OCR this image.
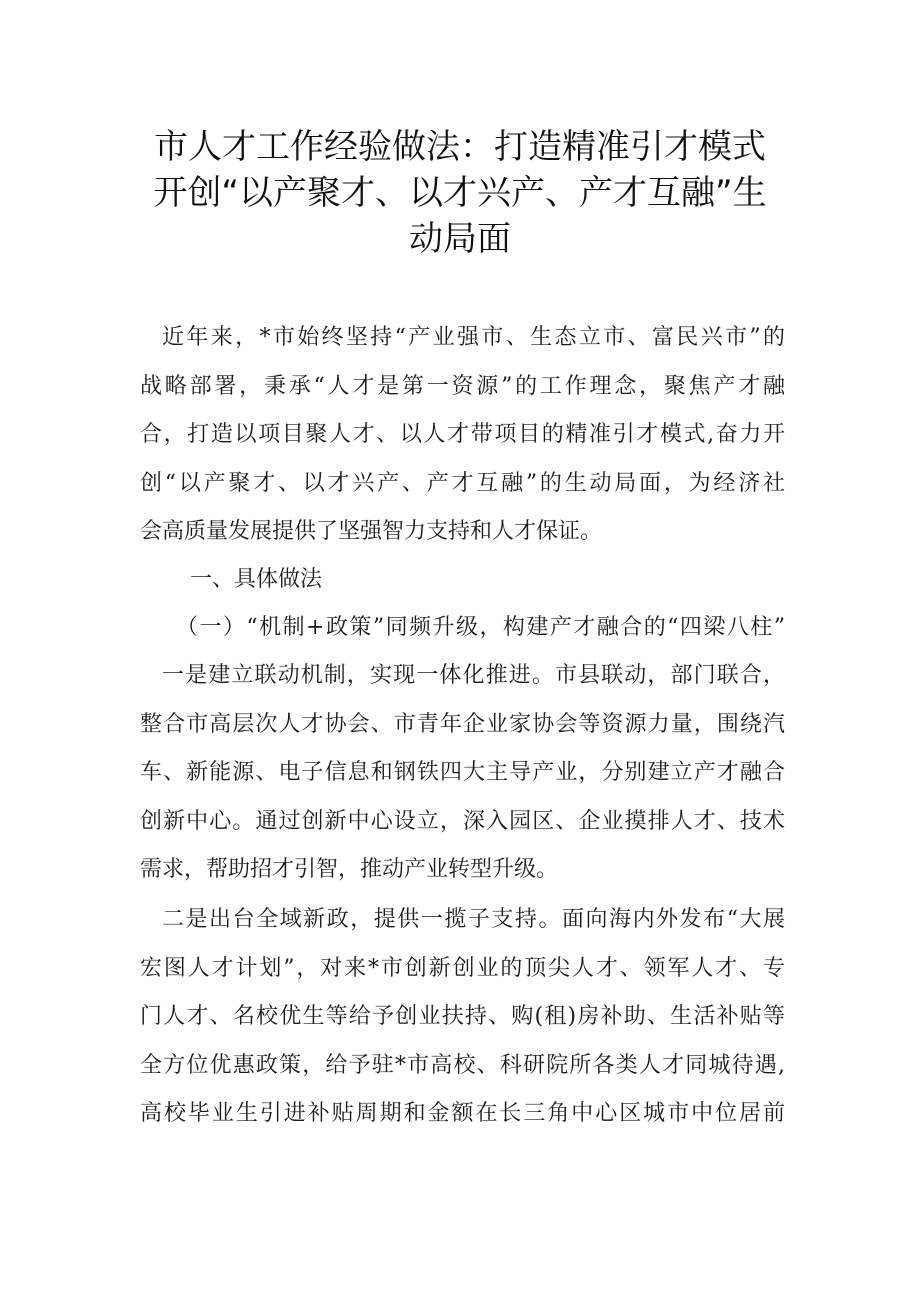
市人才工作经验做法：打造精准引才模式
开创“以产聚才、以才兴产、产才互融”生
动局面
近年来，*市始终坚持“产业强市、生态立市、富民兴市”的
战略部署，秉承“人才是第一资源”的工作理念，聚焦产才融
合，打造以项目聚人才、以人才带项目的精准引才模式,奋力开
创“以产聚才、以才兴产、产才互融”的生动局面，为经济社
会高质量发展提供了坚强智力支持和人才保证。
一、具体做法
（一）“机制+政策”同频升级，构建产才融合的“四梁八柱”
一是建立联动机制，实现一体化推进。市县联动，部门联合，
整合市高层次人才协会、市青年企业家协会等资源力量，围绕汽
车、新能源、电子信息和钢铁四大主导产业，分别建立产才融合
创新中心。通过创新中心设立，深入园区、企业摸排人才、技术
需求，帮助招才引智，推动产业转型升级。
二是出台全域新政，提供一揽子支持。面向海内外发布“大展
宏图人才计划”，对来*市创新创业的顶尖人才、领军人才、专
门人才、名校优生等给予创业扶持、购(租)房补助、生活补贴等
全方位优惠政策，给予驻*市高校、科研院所各类人才同城待遇,
高校毕业生引进补贴周期和金额在长三角中心区城市中位居前
